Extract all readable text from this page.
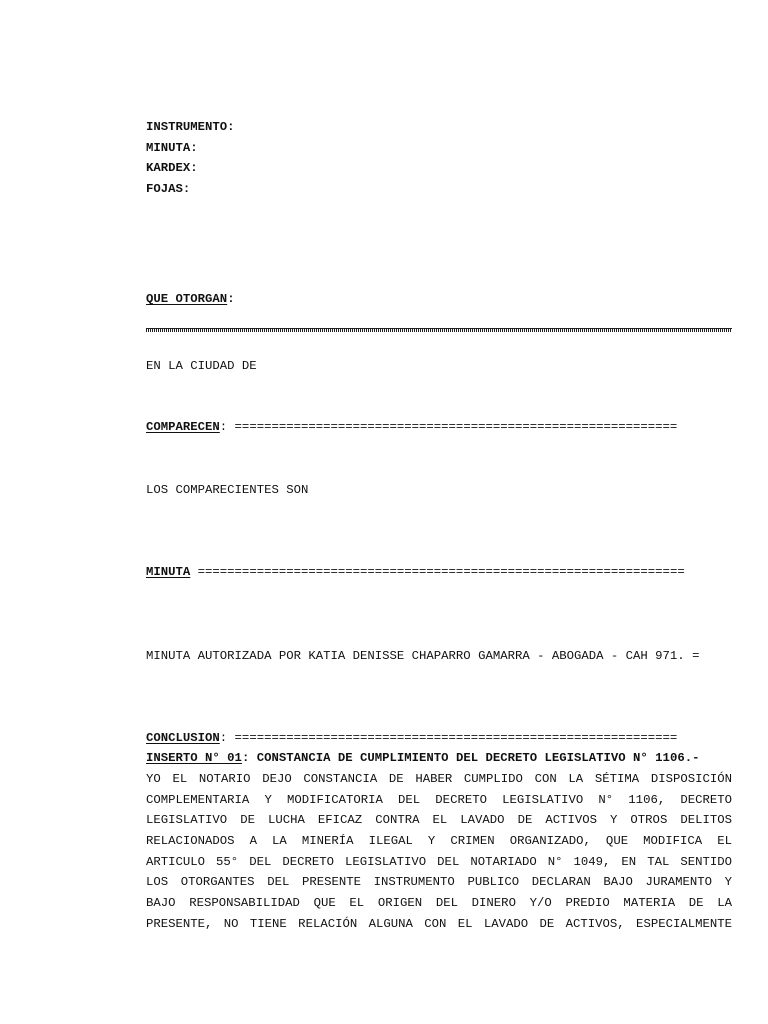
INSTRUMENTO:
MINUTA:
KARDEX:
FOJAS:
QUE OTORGAN:
EN LA CIUDAD DE
COMPARECEN: ============================================================
LOS COMPARECIENTES SON
MINUTA ==================================================================
MINUTA AUTORIZADA POR KATIA DENISSE CHAPARRO GAMARRA - ABOGADA - CAH 971. =
CONCLUSION: ============================================================
INSERTO N° 01: CONSTANCIA DE CUMPLIMIENTO DEL DECRETO LEGISLATIVO N° 1106.-
YO EL NOTARIO DEJO CONSTANCIA DE HABER CUMPLIDO CON LA SÉTIMA DISPOSICIÓN
COMPLEMENTARIA Y MODIFICATORIA DEL DECRETO LEGISLATIVO N° 1106, DECRETO
LEGISLATIVO DE LUCHA EFICAZ CONTRA EL LAVADO DE ACTIVOS Y OTROS DELITOS
RELACIONADOS A LA MINERÍA ILEGAL Y CRIMEN ORGANIZADO, QUE MODIFICA EL
ARTICULO 55° DEL DECRETO LEGISLATIVO DEL NOTARIADO N° 1049, EN TAL SENTIDO
LOS OTORGANTES DEL PRESENTE INSTRUMENTO PUBLICO DECLARAN BAJO JURAMENTO Y
BAJO RESPONSABILIDAD QUE EL ORIGEN DEL DINERO Y/O PREDIO MATERIA DE LA
PRESENTE, NO TIENE RELACIÓN ALGUNA CON EL LAVADO DE ACTIVOS, ESPECIALMENTE
